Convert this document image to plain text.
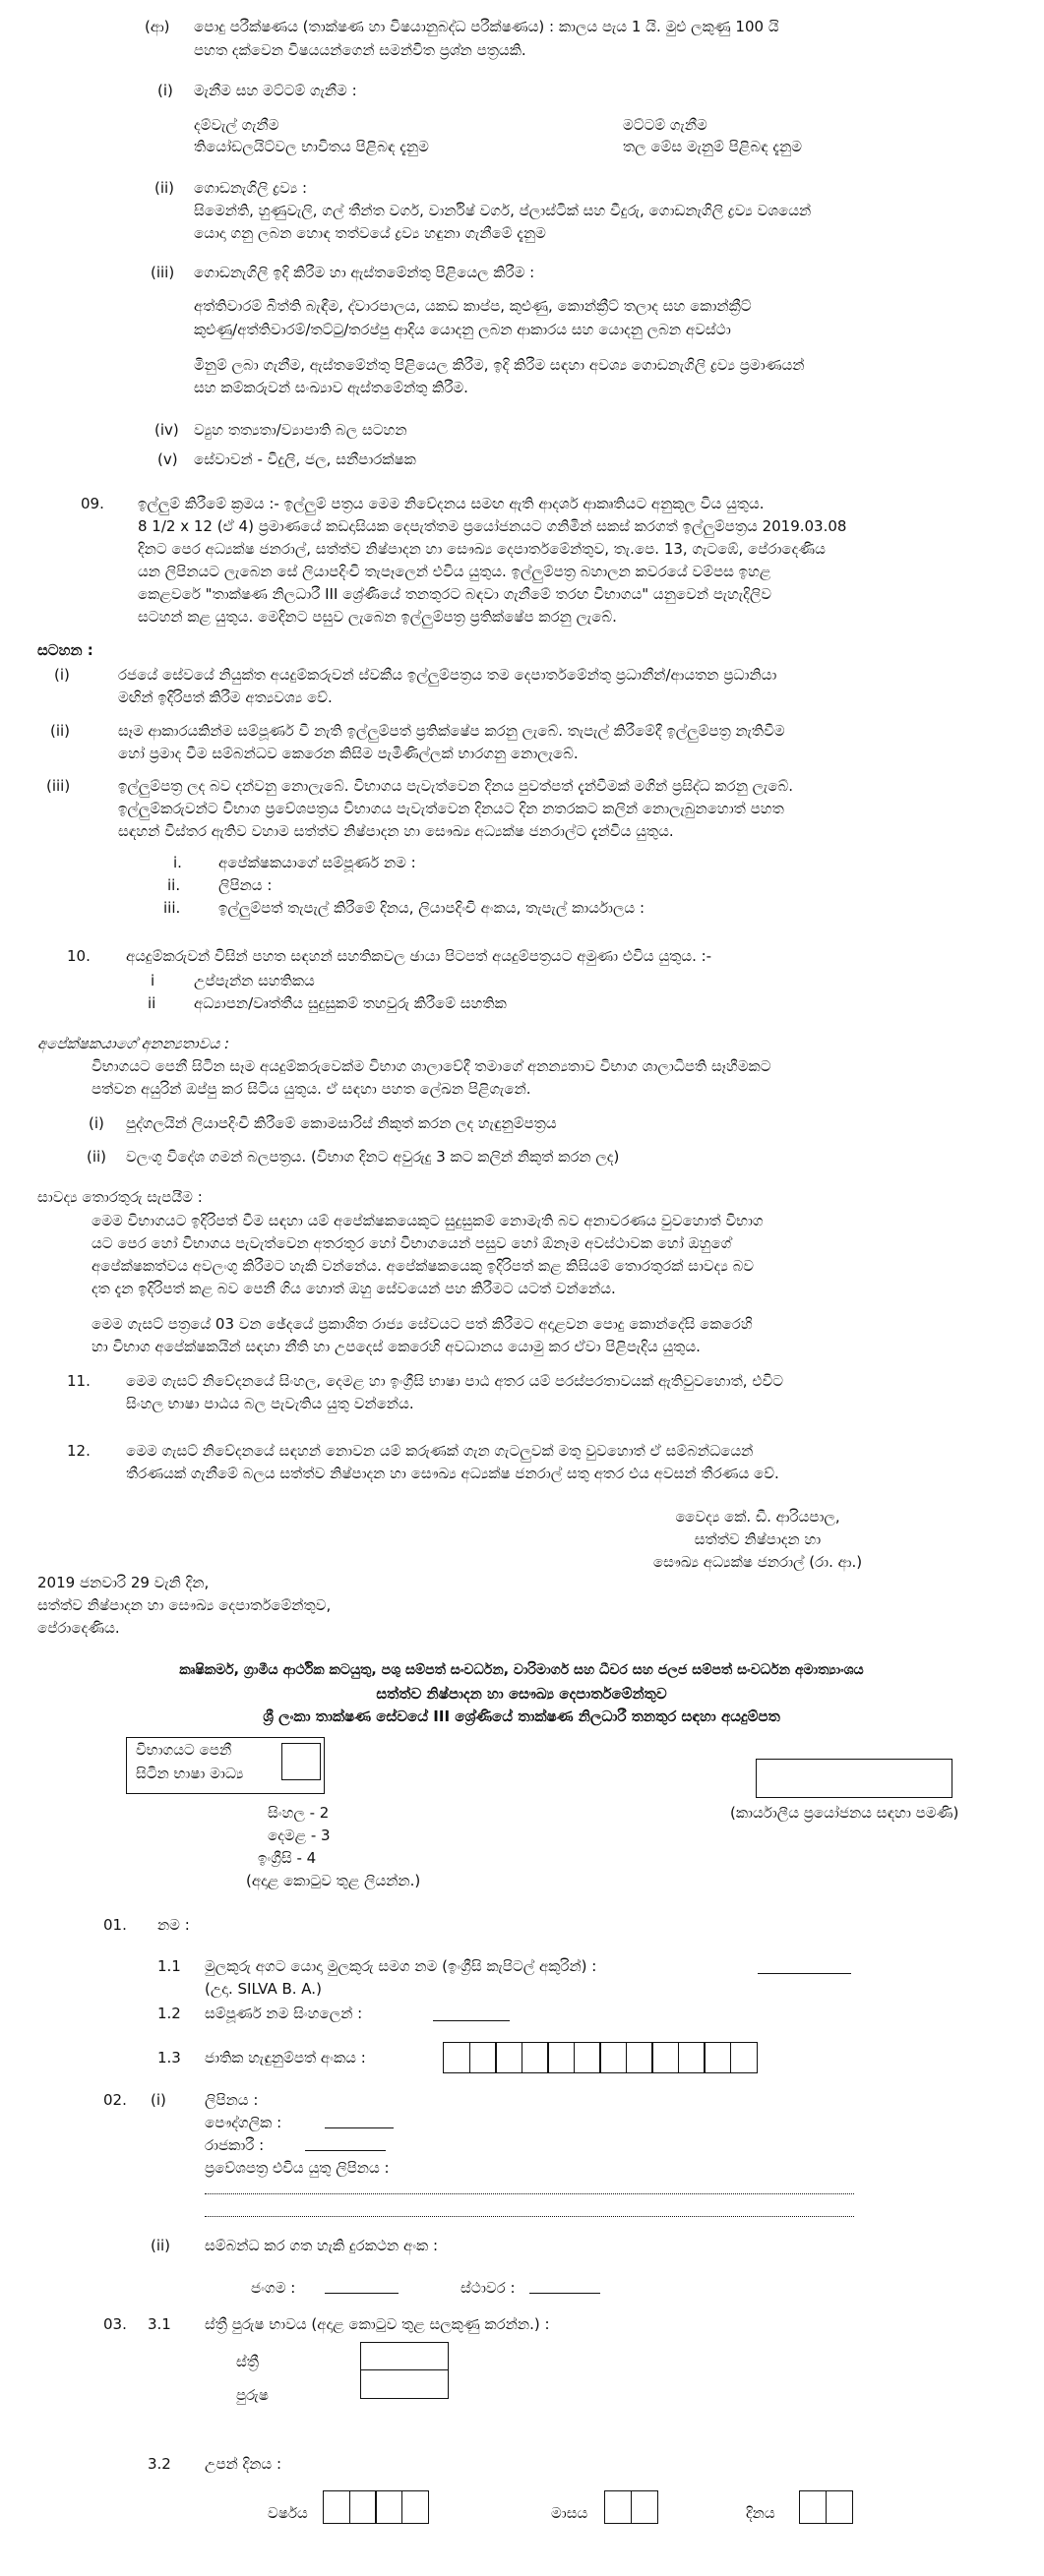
(ආ) පොදු පරීක්ෂණය (තාක්ෂණ හා විෂයානුබද්ධ පරීක්ෂණය) : කාලය පැය 1 යි. මුළු ලකුණු 100 යි
පහත දක්වෙන විෂයයන්ගෙන් සමන්විත ප්‍රශ්න පත්‍රයකි.
(i) මැනීම සහ මට්ටම් ගැනීම :
දම්වැල් ගැනීම
තියෝඩලයිට්වල භාවිතය පිළිබඳ දැනුම
මට්ටම් ගැනීම
තල මේස මැනුම් පිළිබඳ දැනුම
(ii) ගොඩනැගිලි ද්‍රව්‍ය :
සිමෙන්ති, හුණුවැලි, ගල් තීන්ත වර්ග, වාර්නිෂ් වර්ග, ප්ලාස්ටික් සහ වීදුරු, ගොඩනැගිලි ද්‍රව්‍ය වශයෙන්
යොදා ගනු ලබන හොඳ තත්වයේ ද්‍රව්‍ය හඳුනා ගැනීමේ දැනුම
(iii) ගොඩනැගිලි ඉදි කිරීම හා ඇස්තමේන්තු පිළියෙල කිරීම :
අත්තිවාරම් බිත්ති බැඳීම, ද්වාරපාලය, යකඩ කාප්ප, කුළුණු, කොන්ක්‍රීට් තලාද සහ කොන්ක්‍රීට්
කුළුණු/අත්තිවාරම්/තට්ටු/තරප්පු ආදිය යොදනු ලබන ආකාරය සහ යොදනු ලබන අවස්ථා
මිනුම් ලබා ගැනීම, ඇස්තමේන්තු පිළියෙල කිරීම, ඉදි කිරීම සඳහා අවශ්‍ය ගොඩනැගිලි ද්‍රව්‍ය ප්‍රමාණයන්
සහ කම්කරුවන් සංඛ්‍යාව ඇස්තමේන්තු කිරීම.
(iv) ව්‍යුහ තත්‍යතා/ව්‍යාපාති බල සටහන
(v) සේවාවන් - විදුලි, ජල, සනීපාරක්ෂක
09. ඉල්ලුම් කිරීමේ ක්‍රමය :- ඉල්ලුම් පත්‍රය මෙම නිවේදනය සමඟ ඇති ආදර්ශ ආකෘතියට අනුකූල විය යුතුය.
8 1/2 x 12 (ඒ 4) ප්‍රමාණයේ කඩදාසියක දෙපැත්තම ප්‍රයෝජනයට ගනිමින් සකස් කරගත් ඉල්ලුම්පත්‍රය 2019.03.08
දිනට පෙර අධ්‍යක්ෂ ජනරාල්, සත්ත්ව නිෂ්පාදන හා සෞඛ්‍ය දෙපාර්තමේන්තුව, තැ.පෙ. 13, ගැටඹේ, පේරාදෙණිය
යන ලිපිනයට ලැබෙන සේ ලියාපදිංචි තැපෑලෙන් එවිය යුතුය. ඉල්ලුම්පත්‍ර බහාලන කවරයේ වම්පස ඉහළ
කෙළවරේ "තාක්ෂණ නිලධාරී III ශ්‍රේණියේ තනතුරට බඳවා ගැනීමේ තරඟ විභාගය" යනුවෙන් පැහැදිලිව
සටහන් කළ යුතුය. මෙදිනට පසුව ලැබෙන ඉල්ලුම්පත්‍ර ප්‍රතික්ෂේප කරනු ලැබේ.
සටහන :
(i)	රජයේ සේවයේ නියුක්ත අයදුම්කරුවන් ස්වකීය ඉල්ලුම්පත්‍රය තම දෙපාර්තමේන්තු ප්‍රධානීන්/ආයතන ප්‍රධානියා
මඟින් ඉදිරිපත් කිරීම අත්‍යවශ්‍ය වේ.
(ii)	සෑම ආකාරයකින්ම සම්පූර්ණ වී නැති ඉල්ලුම්පත් ප්‍රතික්ෂේප කරනු ලැබේ. තැපැල් කිරීමේදී ඉල්ලුම්පත්‍ර නැතිවීම
හෝ ප්‍රමාද වීම සම්බන්ධව කෙරෙන කිසිම පැමිණිල්ලක් භාරගනු නොලැබේ.
(iii)	ඉල්ලුම්පත්‍ර ලද බව දන්වනු නොලැබේ. විභාගය පැවැත්වෙන දිනය පුවත්පත් දැන්වීමක් මගින් ප්‍රසිද්ධ කරනු ලැබේ.
ඉල්ලුම්කරුවන්ට විභාග ප්‍රවේශපත්‍රය විභාගය පැවැත්වෙන දිනයට දින නතරකට කලින් නොලැබුනහොත් පහත
සඳහන් විස්තර ඇතිව වහාම සත්ත්ව නිෂ්පාදන හා සෞඛ්‍ය අධ්‍යක්ෂ ජනරාල්ට දැන්විය යුතුය.
i. අපේක්ෂකයාගේ සම්පූර්ණ නම :
ii.	ලිපිනය :
iii.	ඉල්ලුම්පත් තැපැල් කිරීමේ දිනය, ලියාපදිංචි අංකය, තැපැල් කාර්යාලය :
10. අයදුම්කරුවන් විසින් පහත සඳහන් සහතිකවල ඡායා පිටපත් අයදුම්පත්‍රයට අමුණා එවිය යුතුය. :-
i	උප්පැන්න සහතිකය
ii	අධ්‍යාපන/වෘත්තීය සුදුසුකම් තහවුරු කිරීමේ සහතික
අපේක්ෂකයාගේ අනන්‍යතාවය :
විභාගයට පෙනී සිටින සෑම අයදුම්කරුවෙක්ම විභාග ශාලාවේදී තමාගේ අනන්‍යතාව විභාග ශාලාධිපති සෑහීමකට
පත්වන අයුරින් ඔප්පු කර සිටිය යුතුය. ඒ සඳහා පහත ලේඛන පිළිගැනේ.
(i) පුද්ගලයින් ලියාපදිංචි කිරීමේ කොමසාරිස් නිකුත් කරන ලද හැඳුනුම්පත්‍රය
(ii) වලංගු විදේශ ගමන් බලපත්‍රය. (විභාග දිනට අවුරුදු 3 කට කලින් නිකුත් කරන ලද)
සාවද්‍ය තොරතුරු සැපයීම :
මෙම විභාගයට ඉදිරිපත් වීම සඳහා යම් අපේක්ෂකයෙකුට සුදුසුකම් නොමැති බව අනාවරණය වුවහොත් විභාග
යට පෙර හෝ විභාගය පැවැත්වෙන අතරතුර හෝ විභාගයෙන් පසුව හෝ ඕනෑම අවස්ථාවක හෝ ඔහුගේ
අපේක්ෂකත්වය අවලංගු කිරීමට හැකි වන්නේය. අපේක්ෂකයෙකු ඉදිරිපත් කළ කිසියම් තොරතුරක් සාවද්‍ය බව
දත දැන ඉදිරිපත් කළ බව පෙනී ගිය හොත් ඔහු සේවයෙන් පහ කිරීමට යටත් වන්නේය.
මෙම ගැසට් පත්‍රයේ 03 වන ඡේදයේ ප්‍රකාශිත රාජ්‍ය සේවයට පත් කිරීමට අදාළවන පොදු කොන්දේසි කෙරෙහි
හා විභාග අපේක්ෂකයින් සඳහා නීති හා උපදෙස් කෙරෙහි අවධානය යොමු කර ඒවා පිළිපැදිය යුතුය.
11. මෙම ගැසට් නිවේදනයේ සිංහල, දෙමළ හා ඉංග්‍රීසි භාෂා පාඨ අතර යම් පරස්පරතාවයක් ඇතිවුවහොත්, එවිට
සිංහල භාෂා පාඨය බල පැවැතිය යුතු වන්නේය.
12. මෙම ගැසට් නිවේදනයේ සඳහන් නොවන යම් කරුණක් ගැන ගැටලුවක් මතු වුවහොත් ඒ සම්බන්ධයෙන්
තීරණයක් ගැනීමේ බලය සත්ත්ව නිෂ්පාදන හා සෞඛ්‍ය අධ්‍යක්ෂ ජනරාල් සතු අතර එය අවසන් තීරණය වේ.
වෛද්‍ය කේ. ඩී. ආරියපාල,
සත්ත්ව නිෂ්පාදන හා
සෞඛ්‍ය අධ්‍යක්ෂ ජනරාල් (රා. ආ.)
2019 ජනවාරි 29 වැනි දින,
සත්ත්ව නිෂ්පාදන හා සෞඛ්‍ය දෙපාර්තමේන්තුව,
පේරාදෙණිය.
කෘෂිකර්ම, ග්‍රාමීය ආර්ථික කටයුතු, පශු සම්පත් සංවර්ධන, වාරිමාර්ග සහ ධීවර සහ ජලජ සම්පත් සංවර්ධන අමාත්‍යාංශය
සත්ත්ව නිෂ්පාදන හා සෞඛ්‍ය දෙපාර්තමේන්තුව
ශ්‍රී ලංකා තාක්ෂණ සේවයේ III ශ්‍රේණියේ තාක්ෂණ නිලධාරී තනතුර සඳහා අයදුම්පත
විභාගයට පෙනී
සිටින භාෂා මාධ්‍ය
(කාර්යාලීය ප්‍රයෝජනය සඳහා පමණි)
සිංහල - 2
දෙමළ - 3
ඉංග්‍රීසි - 4
(අදාළ කොටුව තුළ ලියන්න.)
01. නම :
1.1 මුලකුරු අගට යොදා මුලකුරු සමග නම (ඉංග්‍රීසි කැපිටල් අකුරින්) :
(උදා. SILVA B. A.)
1.2 සම්පූර්ණ නම සිංහලෙන් :
1.3 ජාතික හැඳුනුම්පත් අංකය :
02. (i)	ලිපිනය :
පෞද්ගලික :
රාජකාරී :
ප්‍රවේශපත්‍ර එවිය යුතු ලිපිනය :
(ii) සම්බන්ධ කර ගත හැකි දුරකථන අංක :
ජංගම :	ස්ථාවර :
03. 3.1 ස්ත්‍රී පුරුෂ භාවය (අදාළ කොටුව තුළ සලකුණු කරන්න.) :
ස්ත්‍රී
පුරුෂ
3.2 උපන් දිනය :
වර්ෂය	මාසය	දිනය
